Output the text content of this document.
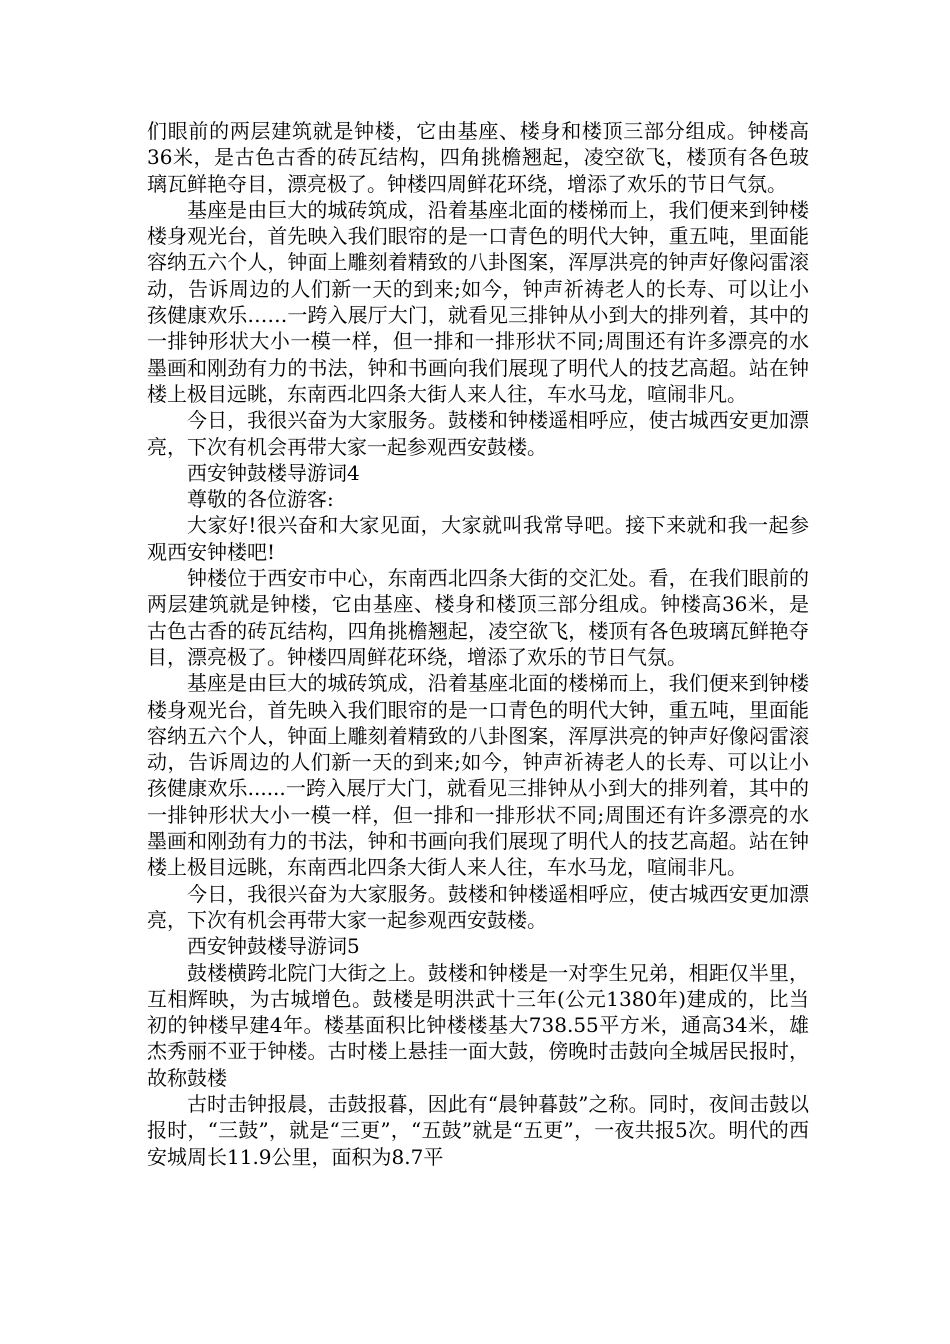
们眼前的两层建筑就是钟楼，它由基座、楼身和楼顶三部分组成。钟楼高36米，是古色古香的砖瓦结构，四角挑檐翘起，凌空欲飞，楼顶有各色玻璃瓦鲜艳夺目，漂亮极了。钟楼四周鲜花环绕，增添了欢乐的节日气氛。

基座是由巨大的城砖筑成，沿着基座北面的楼梯而上，我们便来到钟楼楼身观光台，首先映入我们眼帘的是一口青色的明代大钟，重五吨，里面能容纳五六个人，钟面上雕刻着精致的八卦图案，浑厚洪亮的钟声好像闷雷滚动，告诉周边的人们新一天的到来;如今，钟声祈祷老人的长寿、可以让小孩健康欢乐……一跨入展厅大门，就看见三排钟从小到大的排列着，其中的一排钟形状大小一模一样，但一排和一排形状不同;周围还有许多漂亮的水墨画和刚劲有力的书法，钟和书画向我们展现了明代人的技艺高超。站在钟楼上极目远眺，东南西北四条大街人来人往，车水马龙，喧闹非凡。

今日，我很兴奋为大家服务。鼓楼和钟楼遥相呼应，使古城西安更加漂亮，下次有机会再带大家一起参观西安鼓楼。

西安钟鼓楼导游词4

尊敬的各位游客:

大家好!很兴奋和大家见面，大家就叫我常导吧。接下来就和我一起参观西安钟楼吧!

钟楼位于西安市中心，东南西北四条大街的交汇处。看，在我们眼前的两层建筑就是钟楼，它由基座、楼身和楼顶三部分组成。钟楼高36米，是古色古香的砖瓦结构，四角挑檐翘起，凌空欲飞，楼顶有各色玻璃瓦鲜艳夺目，漂亮极了。钟楼四周鲜花环绕，增添了欢乐的节日气氛。

基座是由巨大的城砖筑成，沿着基座北面的楼梯而上，我们便来到钟楼楼身观光台，首先映入我们眼帘的是一口青色的明代大钟，重五吨，里面能容纳五六个人，钟面上雕刻着精致的八卦图案，浑厚洪亮的钟声好像闷雷滚动，告诉周边的人们新一天的到来;如今，钟声祈祷老人的长寿、可以让小孩健康欢乐......一跨入展厅大门，就看见三排钟从小到大的排列着，其中的一排钟形状大小一模一样，但一排和一排形状不同;周围还有许多漂亮的水墨画和刚劲有力的书法，钟和书画向我们展现了明代人的技艺高超。站在钟楼上极目远眺，东南西北四条大街人来人往，车水马龙，喧闹非凡。

今日，我很兴奋为大家服务。鼓楼和钟楼遥相呼应，使古城西安更加漂亮，下次有机会再带大家一起参观西安鼓楼。

西安钟鼓楼导游词5

鼓楼横跨北院门大街之上。鼓楼和钟楼是一对孪生兄弟，相距仅半里，互相辉映，为古城增色。鼓楼是明洪武十三年(公元1380年)建成的，比当初的钟楼早建4年。楼基面积比钟楼楼基大738.55平方米，通高34米，雄杰秀丽不亚于钟楼。古时楼上悬挂一面大鼓，傍晚时击鼓向全城居民报时，故称鼓楼

古时击钟报晨，击鼓报暮，因此有“晨钟暮鼓”之称。同时，夜间击鼓以报时，“三鼓”，就是“三更”，“五鼓”就是“五更”，一夜共报5次。明代的西安城周长11.9公里，面积为8.7平
